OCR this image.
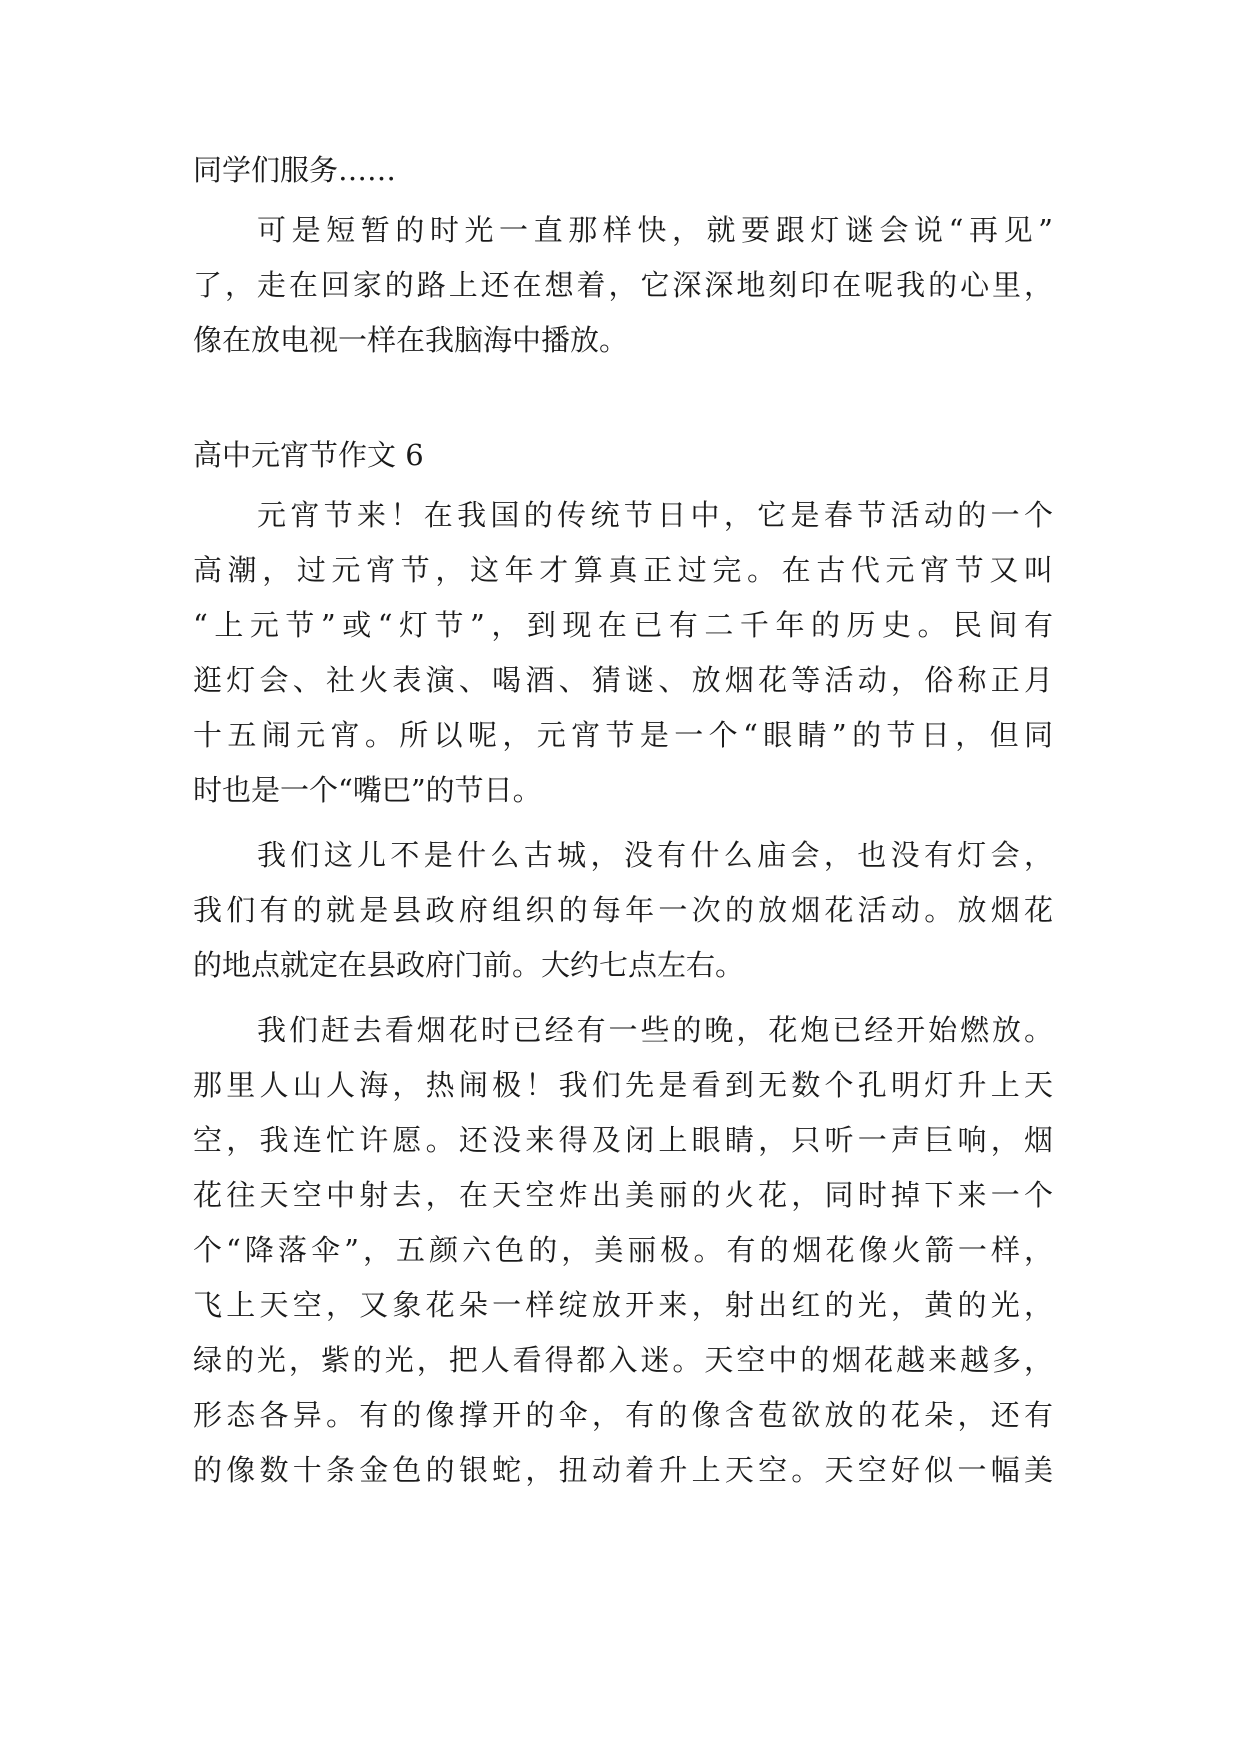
同学们服务……
可是短暂的时光一直那样快，就要跟灯谜会说“再见”
了，走在回家的路上还在想着，它深深地刻印在呢我的心里，
像在放电视一样在我脑海中播放。
高中元宵节作文 6
元宵节来！在我国的传统节日中，它是春节活动的一个
高潮，过元宵节，这年才算真正过完。在古代元宵节又叫
“上元节”或“灯节”，到现在已有二千年的历史。民间有
逛灯会、社火表演、喝酒、猜谜、放烟花等活动，俗称正月
十五闹元宵。所以呢，元宵节是一个“眼睛”的节日，但同
时也是一个“嘴巴”的节日。
我们这儿不是什么古城，没有什么庙会，也没有灯会，
我们有的就是县政府组织的每年一次的放烟花活动。放烟花
的地点就定在县政府门前。大约七点左右。
我们赶去看烟花时已经有一些的晚，花炮已经开始燃放。
那里人山人海，热闹极！我们先是看到无数个孔明灯升上天
空，我连忙许愿。还没来得及闭上眼睛，只听一声巨响，烟
花往天空中射去，在天空炸出美丽的火花，同时掉下来一个
个“降落伞”，五颜六色的，美丽极。有的烟花像火箭一样，
飞上天空，又象花朵一样绽放开来，射出红的光，黄的光，
绿的光，紫的光，把人看得都入迷。天空中的烟花越来越多，
形态各异。有的像撑开的伞，有的像含苞欲放的花朵，还有
的像数十条金色的银蛇，扭动着升上天空。天空好似一幅美
